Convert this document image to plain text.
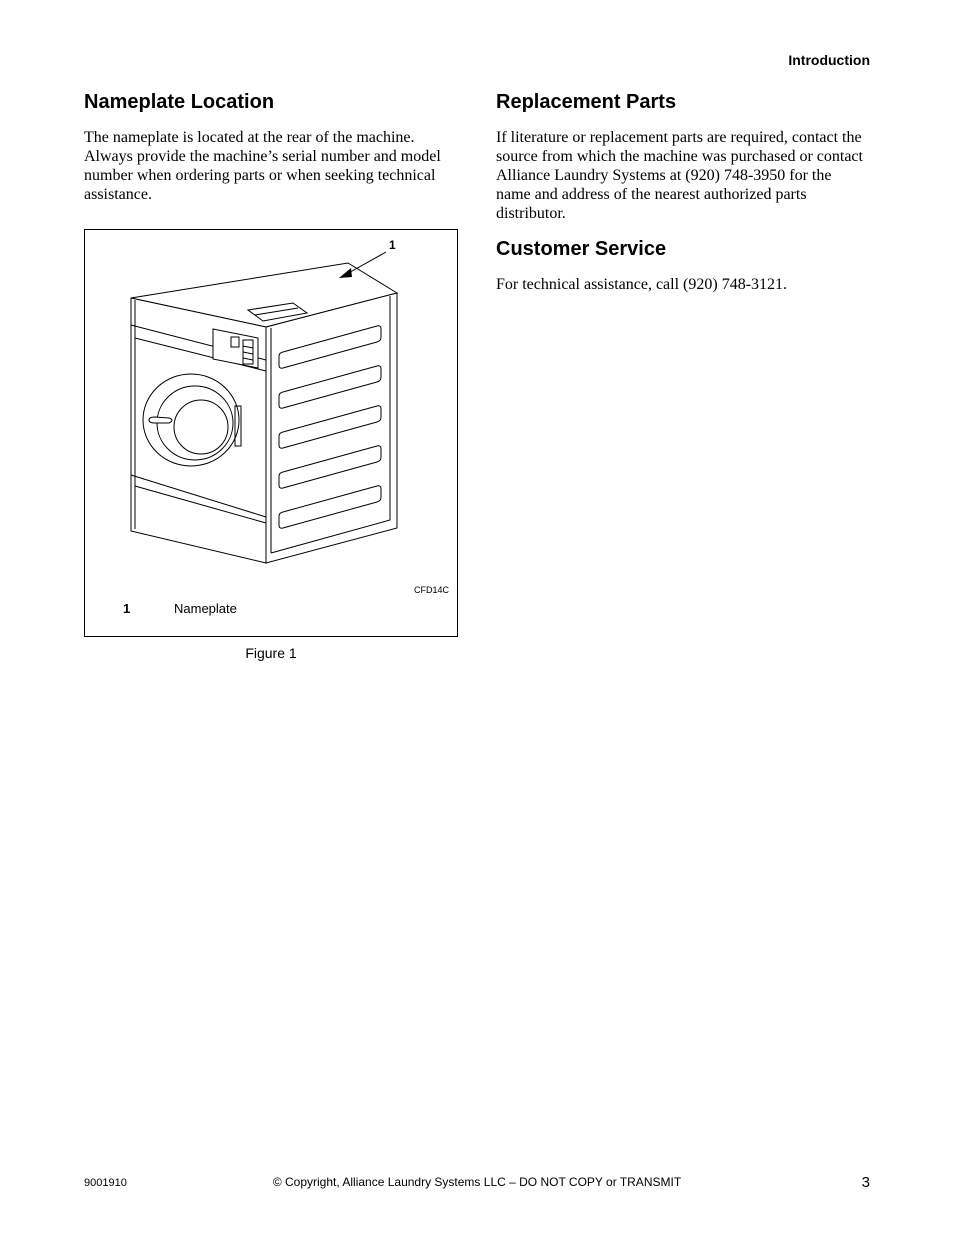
Introduction
Nameplate Location

The nameplate is located at the rear of the machine. Always provide the machine’s serial number and model number when ordering parts or when seeking technical assistance.

1
CFD14C
1	Nameplate
Figure 1
Replacement Parts

If literature or replacement parts are required, contact the source from which the machine was purchased or contact Alliance Laundry Systems at (920) 748-3950 for the name and address of the nearest authorized parts distributor.

Customer Service

For technical assistance, call (920) 748-3121.

9001910	© Copyright, Alliance Laundry Systems LLC – DO NOT COPY or TRANSMIT	3
